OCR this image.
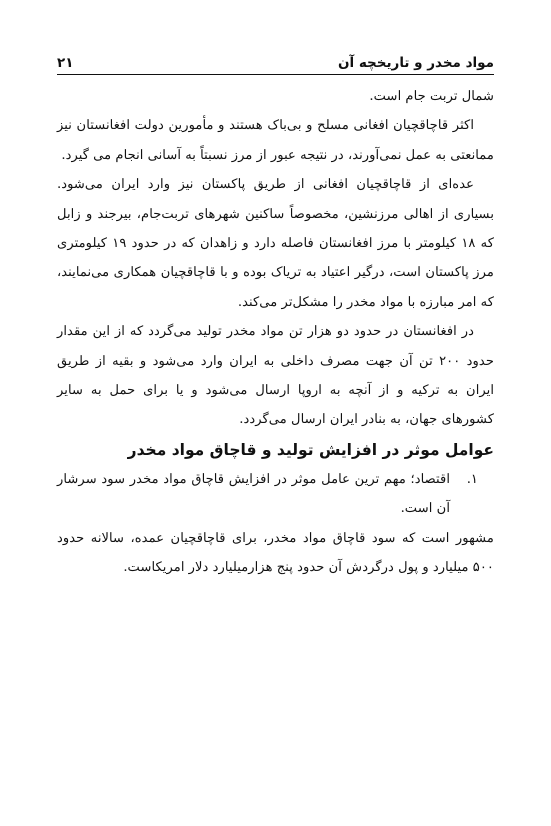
مواد مخدر و تاریخچه آن
۲۱

شمال تربت جام است.

اکثر قاچاقچیان افغانی مسلح و بی‌باک هستند و مأمورین دولت افغانستان نیز ممانعتی به عمل نمی‌آورند، در نتیجه عبور از مرز نسبتاً به آسانی انجام می گیرد.

عده‌ای از قاچاقچیان افغانی از طریق پاکستان نیز وارد ایران می‌شود. بسیاری از اهالی مرزنشین، مخصوصاً ساکنین شهرهای تربت‌جام، بیرجند و زابل که ۱۸ کیلومتر با مرز افغانستان فاصله دارد و زاهدان که در حدود ۱۹ کیلومتری مرز پاکستان است، درگیر اعتیاد به تریاک بوده و با قاچاقچیان همکاری می‌نمایند، که امر مبارزه با مواد مخدر را مشکل‌تر می‌کند.

در افغانستان در حدود دو هزار تن مواد مخدر تولید می‌گردد که از این مقدار حدود ۲۰۰ تن آن جهت مصرف داخلی به ایران وارد می‌شود و بقیه از طریق ایران به ترکیه و از آنچه به اروپا ارسال می‌شود و یا برای حمل به سایر کشورهای جهان، به بنادر ایران ارسال می‌گردد.

عوامل موثر در افزایش تولید و قاچاق مواد مخدر

۱.
اقتصاد؛ مهم ترین عامل موثر در افزایش قاچاق مواد مخدر سود سرشار آن است.

مشهور است که سود قاچاق مواد مخدر، برای قاچاقچیان عمده، سالانه حدود ۵۰۰ میلیارد و پول درگردش آن حدود پنج هزارمیلیارد دلار امریکاست.
